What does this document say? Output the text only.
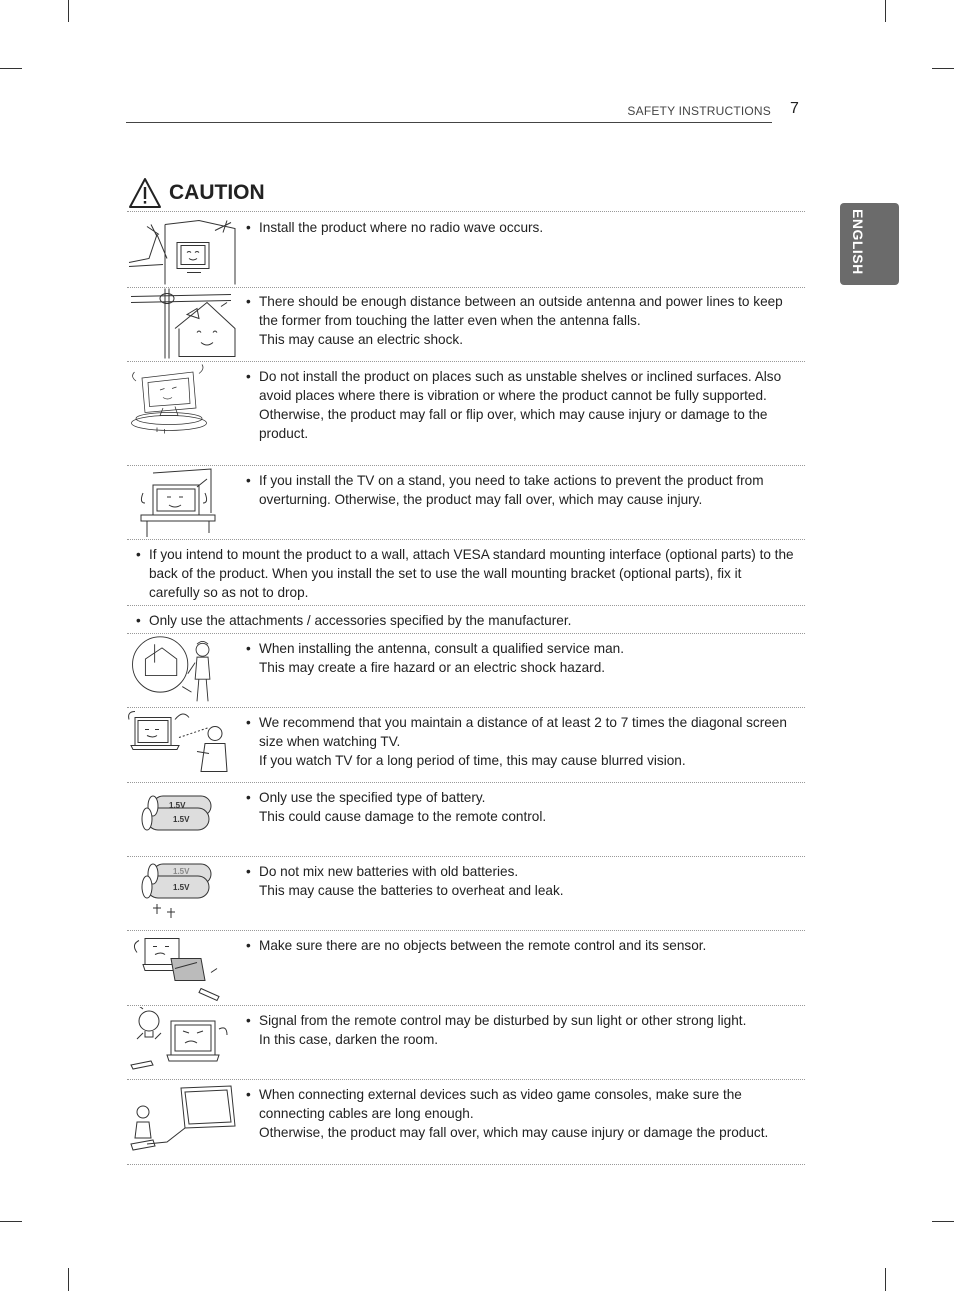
SAFETY INSTRUCTIONS 7
ENGLISH
CAUTION
• Install the product where no radio wave occurs.

• There should be enough distance between an outside antenna and power lines to keep the former from touching the latter even when the antenna falls.

This may cause an electric shock.

• Do not install the product on places such as unstable shelves or inclined surfaces. Also avoid places where there is vibration or where the product cannot be fully supported.

Otherwise, the product may fall or flip over, which may cause injury or damage to the product.

• If you install the TV on a stand, you need to take actions to prevent the product from overturning. Otherwise, the product may fall over, which may cause injury.

• If you intend to mount the product to a wall, attach VESA standard mounting interface (optional parts) to the back of the product. When you install the set to use the wall mounting bracket (optional parts), fix it carefully so as not to drop.

• Only use the attachments / accessories specified by the manufacturer.

• When installing the antenna, consult a qualified service man.

This may create a fire hazard or an electric shock hazard.

• We recommend that you maintain a distance of at least 2 to 7 times the diagonal screen size when watching TV.

If you watch TV for a long period of time, this may cause blurred vision.

1.5V
1.5V
• Only use the specified type of battery.

This could cause damage to the remote control.

1.5V
1.5V
• Do not mix new batteries with old batteries.

This may cause the batteries to overheat and leak.

• Make sure there are no objects between the remote control and its sensor.

• Signal from the remote control may be disturbed by sun light or other strong light.

In this case, darken the room.

• When connecting external devices such as video game consoles, make sure the connecting cables are long enough.

Otherwise, the product may fall over, which may cause injury or damage the product.
